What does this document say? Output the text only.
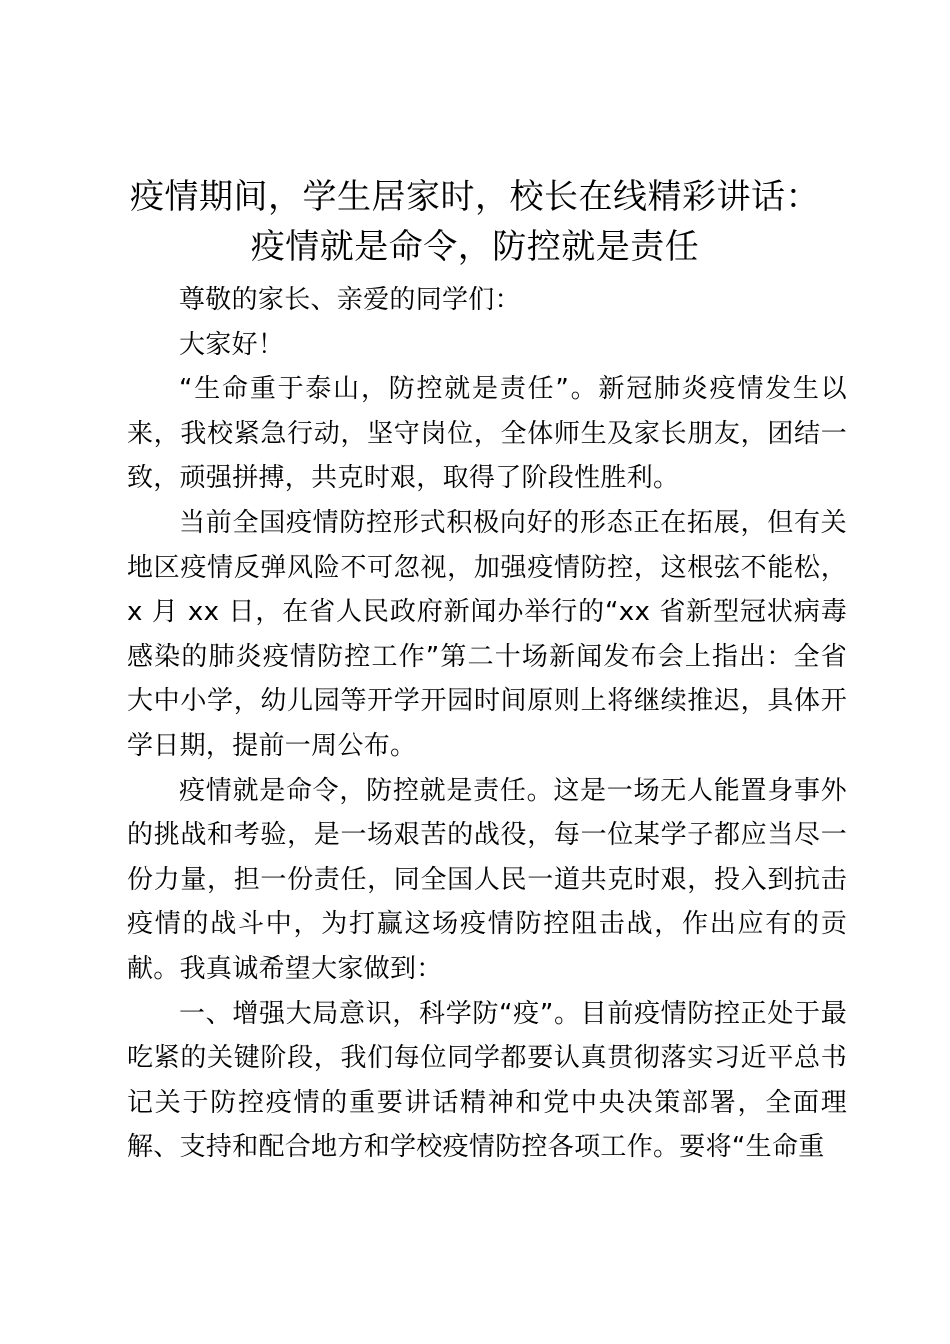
疫情期间，学生居家时，校长在线精彩讲话：
疫情就是命令，防控就是责任

尊敬的家长、亲爱的同学们：

大家好！

“生命重于泰山，防控就是责任”。新冠肺炎疫情发生以来，我校紧急行动，坚守岗位，全体师生及家长朋友，团结一致，顽强拼搏，共克时艰，取得了阶段性胜利。

当前全国疫情防控形式积极向好的形态正在拓展，但有关地区疫情反弹风险不可忽视，加强疫情防控，这根弦不能松，x 月 xx 日，在省人民政府新闻办举行的“xx 省新型冠状病毒感染的肺炎疫情防控工作”第二十场新闻发布会上指出：全省大中小学，幼儿园等开学开园时间原则上将继续推迟，具体开学日期，提前一周公布。

疫情就是命令，防控就是责任。这是一场无人能置身事外的挑战和考验，是一场艰苦的战役，每一位某学子都应当尽一份力量，担一份责任，同全国人民一道共克时艰，投入到抗击疫情的战斗中，为打赢这场疫情防控阻击战，作出应有的贡献。我真诚希望大家做到：

一、增强大局意识，科学防“疫”。目前疫情防控正处于最吃紧的关键阶段，我们每位同学都要认真贯彻落实习近平总书记关于防控疫情的重要讲话精神和党中央决策部署，全面理解、支持和配合地方和学校疫情防控各项工作。要将“生命重
